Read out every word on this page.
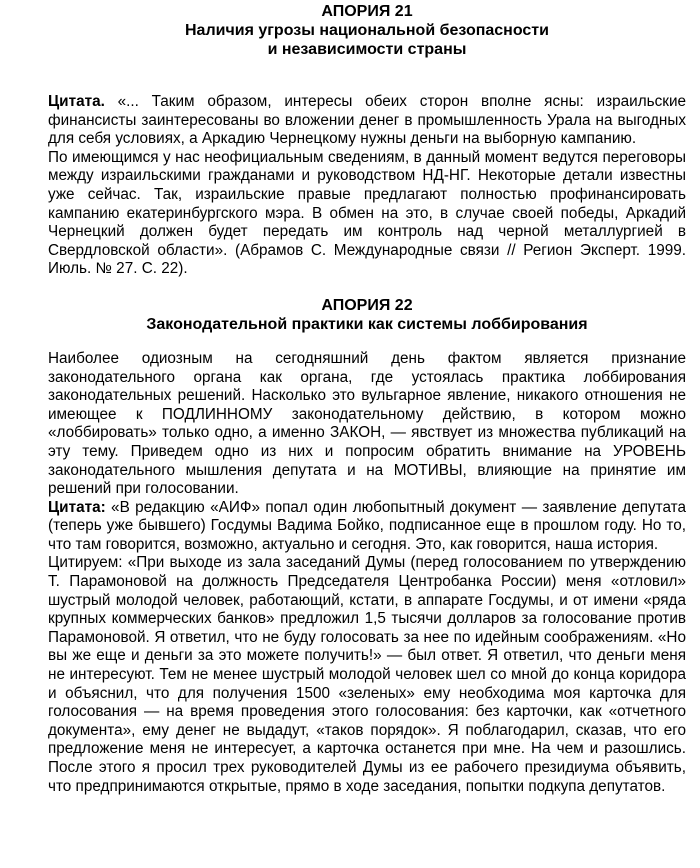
АПОРИЯ 21
Наличия угрозы национальной безопасности
и независимости страны

Цитата. «... Таким образом, интересы обеих сторон вполне ясны: израильские финансисты заинтересованы во вложении денег в промышленность Урала на выгодных для себя условиях, а Аркадию Чернецкому нужны деньги на выборную кампанию.

По имеющимся у нас неофициальным сведениям, в данный момент ведутся переговоры между израильскими гражданами и руководством НД-НГ. Некоторые детали известны уже сейчас. Так, израильские правые предлагают полностью профинансировать кампанию екатеринбургского мэра. В обмен на это, в случае своей победы, Аркадий Чернецкий должен будет передать им контроль над черной металлургией в Свердловской области». (Абрамов С. Международные связи // Регион Эксперт. 1999. Июль. № 27. С. 22).

АПОРИЯ 22
Законодательной практики как системы лоббирования

Наиболее одиозным на сегодняшний день фактом является признание законодательного органа как органа, где устоялась практика лоббирования законодательных решений. Насколько это вульгарное явление, никакого отношения не имеющее к ПОДЛИННОМУ законодательному действию, в котором можно «лоббировать» только одно, а именно ЗАКОН, — явствует из множества публикаций на эту тему. Приведем одно из них и попросим обратить внимание на УРОВЕНЬ законодательного мышления депутата и на МОТИВЫ, влияющие на принятие им решений при голосовании.

Цитата: «В редакцию «АИФ» попал один любопытный документ — заявление депутата (теперь уже бывшего) Госдумы Вадима Бойко, подписанное еще в прошлом году. Но то, что там говорится, возможно, актуально и сегодня. Это, как говорится, наша история.

Цитируем: «При выходе из зала заседаний Думы (перед голосованием по утверждению Т. Парамоновой на должность Председателя Центробанка России) меня «отловил» шустрый молодой человек, работающий, кстати, в аппарате Госдумы, и от имени «ряда крупных коммерческих банков» предложил 1,5 тысячи долларов за голосование против Парамоновой. Я ответил, что не буду голосовать за нее по идейным соображениям. «Но вы же еще и деньги за это можете получить!» — был ответ. Я ответил, что деньги меня не интересуют. Тем не менее шустрый молодой человек шел со мной до конца коридора и объяснил, что для получения 1500 «зеленых» ему необходима моя карточка для голосования — на время проведения этого голосования: без карточки, как «отчетного документа», ему денег не выдадут, «таков порядок». Я поблагодарил, сказав, что его предложение меня не интересует, а карточка останется при мне. На чем и разошлись. После этого я просил трех руководителей Думы из ее рабочего президиума объявить, что предпринимаются открытые, прямо в ходе заседания, попытки подкупа депутатов.
